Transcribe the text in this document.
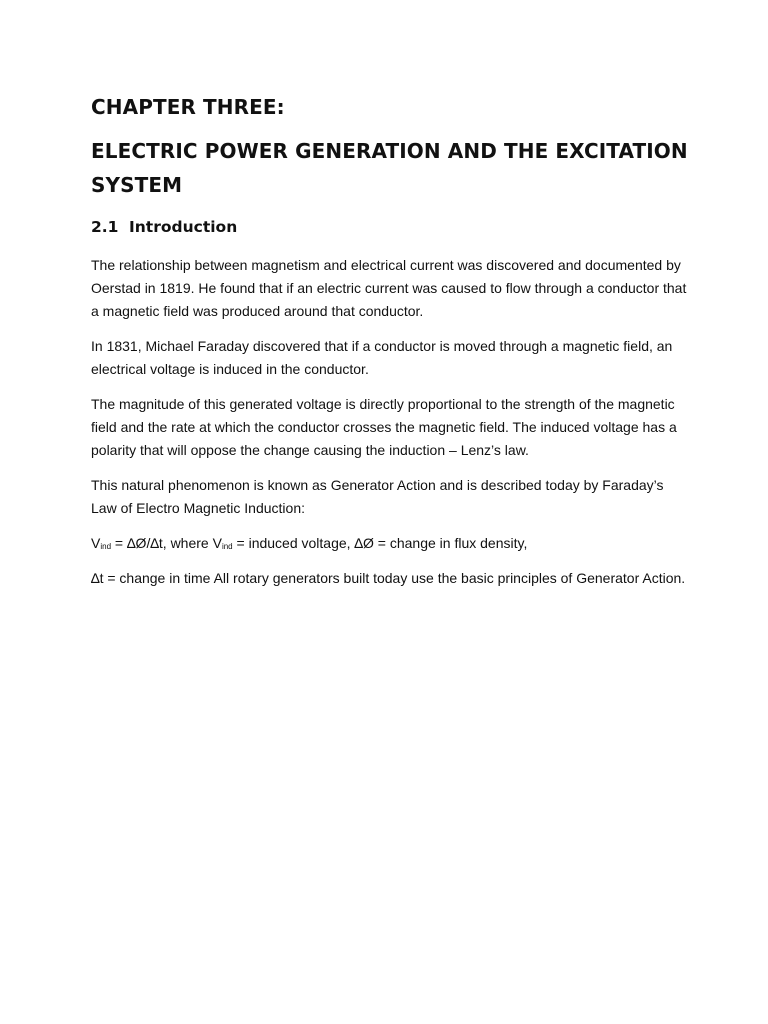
CHAPTER THREE:
ELECTRIC POWER GENERATION AND THE EXCITATION SYSTEM
2.1 Introduction

The relationship between magnetism and electrical current was discovered and documented by Oerstad in 1819. He found that if an electric current was caused to flow through a conductor that a magnetic field was produced around that conductor.

In 1831, Michael Faraday discovered that if a conductor is moved through a magnetic field, an electrical voltage is induced in the conductor.

The magnitude of this generated voltage is directly proportional to the strength of the magnetic field and the rate at which the conductor crosses the magnetic field. The induced voltage has a polarity that will oppose the change causing the induction – Lenz’s law.

This natural phenomenon is known as Generator Action and is described today by Faraday’s Law of Electro Magnetic Induction:

$V_{ind}$ = ∆Ø/∆t, where $V_{ind}$ = induced voltage, ∆Ø = change in flux density,

∆t = change in time All rotary generators built today use the basic principles of Generator Action.
